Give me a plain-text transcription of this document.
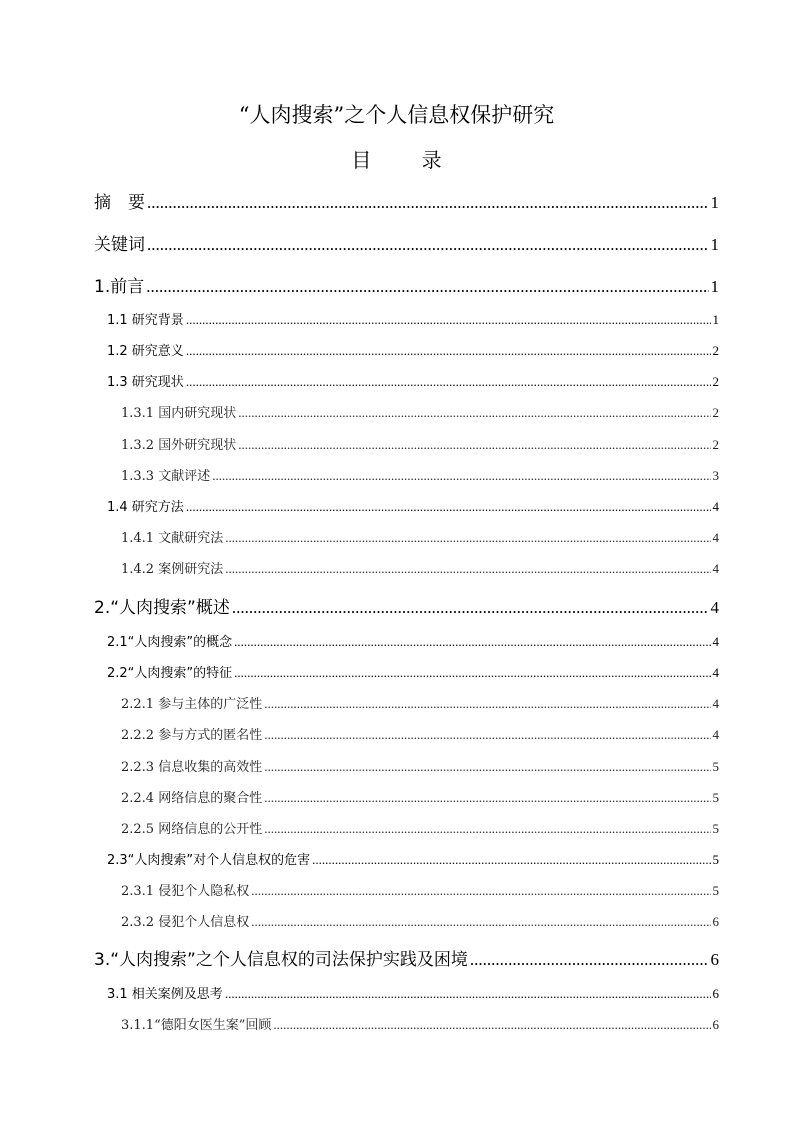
“人肉搜索”之个人信息权保护研究
目 录
摘　要 .....	1
关键词 .....	1
1.前言 .....	1
1.1 研究背景 .....	1
1.2 研究意义 .....	2
1.3 研究现状 .....	2
1.3.1 国内研究现状 .....	2
1.3.2 国外研究现状 .....	2
1.3.3 文献评述 .....	3
1.4 研究方法 .....	4
1.4.1 文献研究法 .....	4
1.4.2 案例研究法 .....	4
2.“人肉搜索”概述 .....	4
2.1“人肉搜索”的概念 .....	4
2.2“人肉搜索”的特征 .....	4
2.2.1 参与主体的广泛性 .....	4
2.2.2 参与方式的匿名性 .....	4
2.2.3 信息收集的高效性 .....	5
2.2.4 网络信息的聚合性 .....	5
2.2.5 网络信息的公开性 .....	5
2.3“人肉搜索”对个人信息权的危害 .....	5
2.3.1 侵犯个人隐私权 .....	5
2.3.2 侵犯个人信息权 .....	6
3.“人肉搜索”之个人信息权的司法保护实践及困境 .....	6
3.1 相关案例及思考 .....	6
3.1.1“德阳女医生案”回顾 .....	6
